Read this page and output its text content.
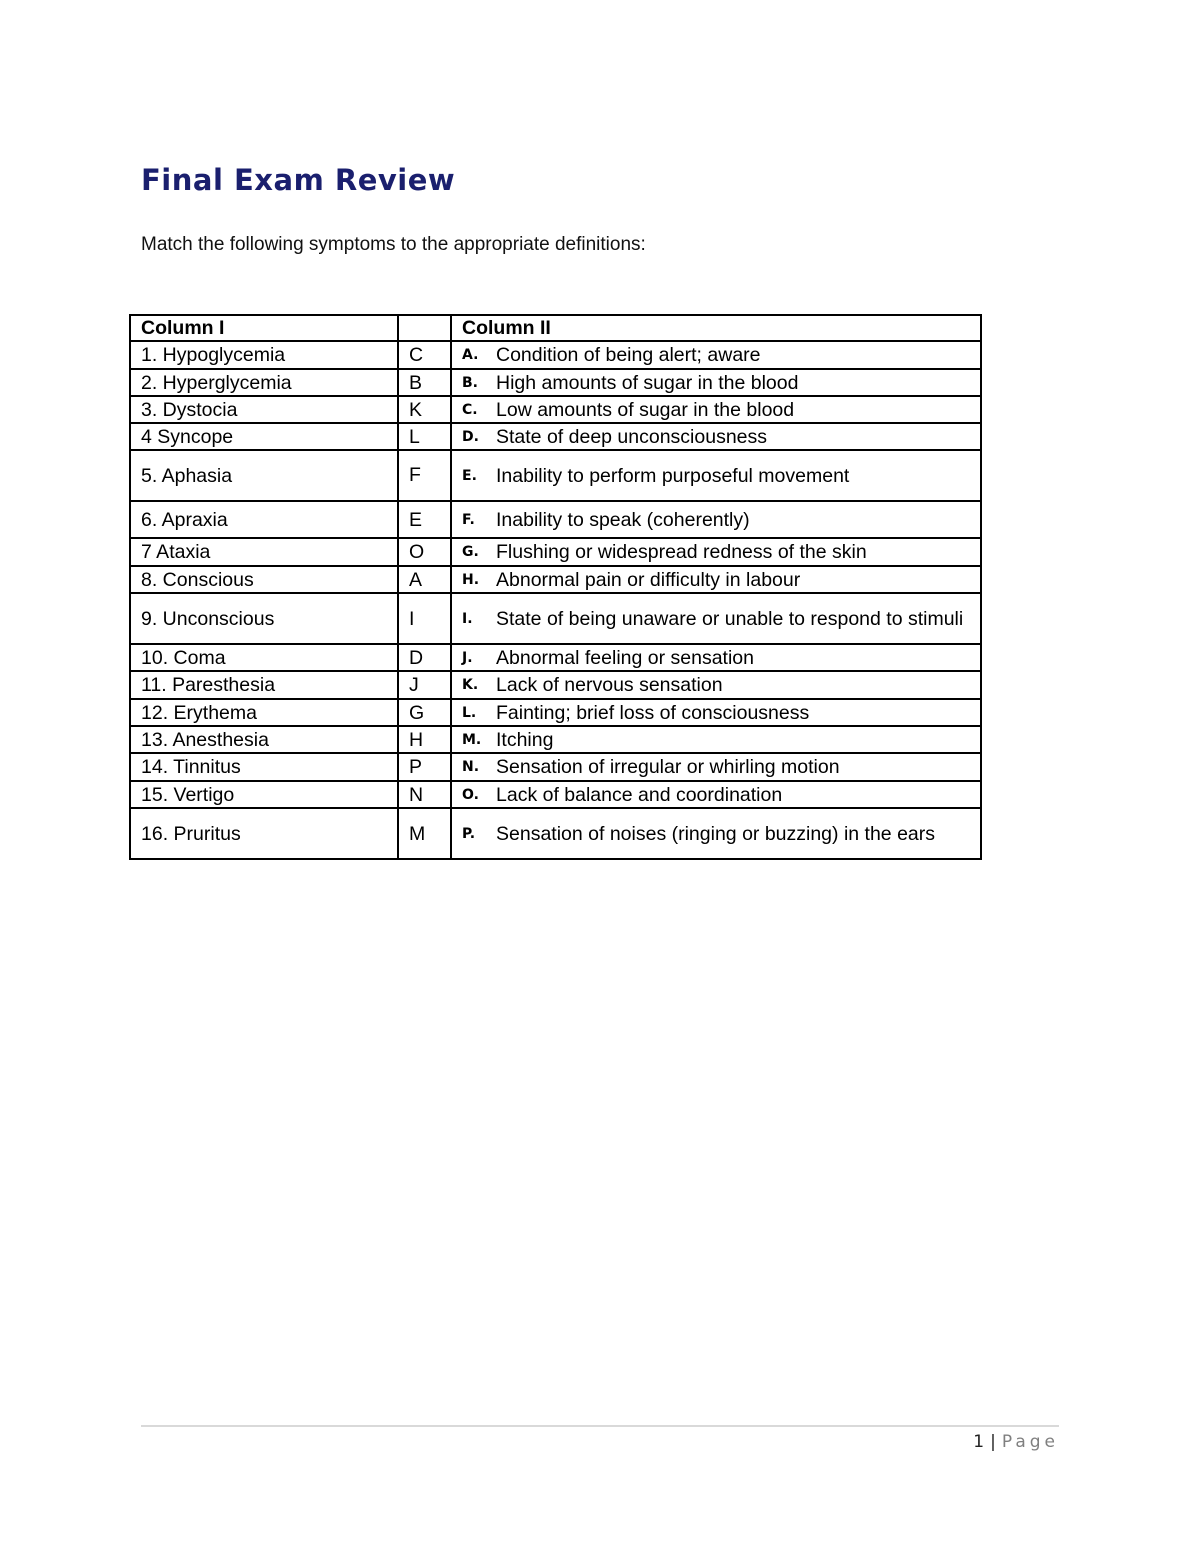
Final Exam Review

Match the following symptoms to the appropriate definitions:

Column I		Column II
1. Hypoglycemia	C	A. Condition of being alert; aware

2. Hyperglycemia	B	B. High amounts of sugar in the blood

3. Dystocia	K	C. Low amounts of sugar in the blood

4 Syncope	L	D. State of deep unconsciousness

5. Aphasia	F	E. Inability to perform purposeful movement

6. Apraxia	E	F. Inability to speak (coherently)

7 Ataxia	O	G. Flushing or widespread redness of the skin

8. Conscious	A	H. Abnormal pain or difficulty in labour

9. Unconscious	I	I. State of being unaware or unable to respond to stimuli

10. Coma	D	J. Abnormal feeling or sensation

11. Paresthesia	J	K. Lack of nervous sensation

12. Erythema	G	L. Fainting; brief loss of consciousness

13. Anesthesia	H	M. Itching

14. Tinnitus	P	N. Sensation of irregular or whirling motion

15. Vertigo	N	O. Lack of balance and coordination

16. Pruritus	M	P. Sensation of noises (ringing or buzzing) in the ears
1 | Page
